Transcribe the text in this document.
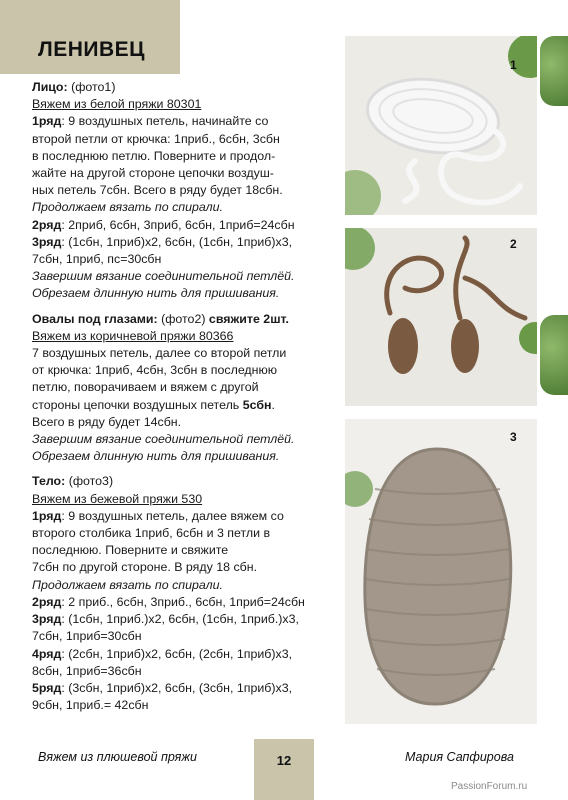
ЛЕНИВЕЦ

Лицо: (фото1)

Вяжем из белой пряжи 80301

1ряд: 9 воздушных петель, начинайте со

второй петли от крючка: 1приб., 6сбн, 3сбн

в последнюю петлю. Поверните и продол-

жайте на другой стороне цепочки воздуш-

ных петель 7сбн. Всего в ряду будет 18сбн.

Продолжаем вязать по спирали.

2ряд: 2приб, 6сбн, 3приб, 6сбн, 1приб=24сбн

3ряд: (1сбн, 1приб)х2, 6сбн, (1сбн, 1приб)х3,

7сбн, 1приб, пс=30сбн

Завершим вязание соединительной петлёй.

Обрезаем длинную нить для пришивания.

Овалы под глазами: (фото2) свяжите 2шт.

Вяжем из коричневой пряжи 80366

7 воздушных петель, далее со второй петли

от крючка: 1приб, 4сбн, 3сбн в последнюю

петлю, поворачиваем и вяжем с другой

стороны цепочки воздушных петель 5сбн.

Всего в ряду будет 14сбн.

Завершим вязание соединительной петлёй.

Обрезаем длинную нить для пришивания.

Тело: (фото3)

Вяжем из бежевой пряжи 530

1ряд: 9 воздушных петель, далее вяжем со

второго столбика 1приб, 6сбн и 3 петли в

последнюю. Поверните и свяжите

7сбн по другой стороне. В ряду 18 сбн.

Продолжаем вязать по спирали.

2ряд: 2 приб., 6сбн, 3приб., 6сбн, 1приб=24сбн

3ряд: (1сбн, 1приб.)х2, 6сбн, (1сбн, 1приб.)х3,

7сбн, 1приб=30сбн

4ряд: (2сбн, 1приб)х2, 6сбн, (2сбн, 1приб)х3,

8сбн, 1приб=36сбн

5ряд: (3сбн, 1приб)х2, 6сбн, (3сбн, 1приб)х3,

9сбн, 1приб.= 42сбн

1
2
3
Вяжем из плюшевой пряжи	12	Мария Сапфирова
PassionForum.ru
